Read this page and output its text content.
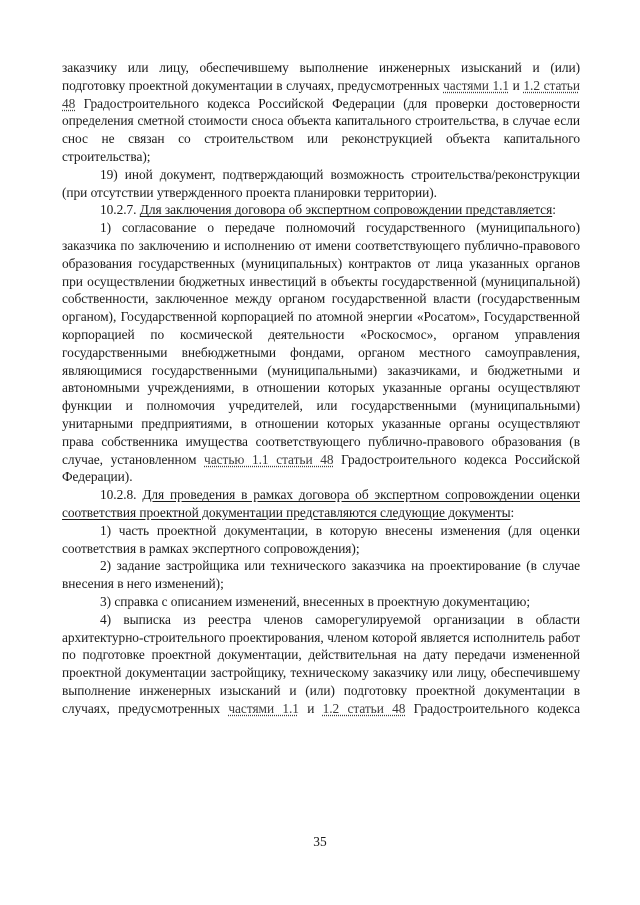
заказчику или лицу, обеспечившему выполнение инженерных изысканий и (или) подготовку проектной документации в случаях, предусмотренных частями 1.1 и 1.2 статьи 48 Градостроительного кодекса Российской Федерации (для проверки достоверности определения сметной стоимости сноса объекта капитального строительства, в случае если снос не связан со строительством или реконструкцией объекта капитального строительства);

19) иной документ, подтверждающий возможность строительства/реконструкции (при отсутствии утвержденного проекта планировки территории).

10.2.7. Для заключения договора об экспертном сопровождении представляется:

1) согласование о передаче полномочий государственного (муниципального) заказчика по заключению и исполнению от имени соответствующего публично-правового образования государственных (муниципальных) контрактов от лица указанных органов при осуществлении бюджетных инвестиций в объекты государственной (муниципальной) собственности, заключенное между органом государственной власти (государственным органом), Государственной корпорацией по атомной энергии «Росатом», Государственной корпорацией по космической деятельности «Роскосмос», органом управления государственными внебюджетными фондами, органом местного самоуправления, являющимися государственными (муниципальными) заказчиками, и бюджетными и автономными учреждениями, в отношении которых указанные органы осуществляют функции и полномочия учредителей, или государственными (муниципальными) унитарными предприятиями, в отношении которых указанные органы осуществляют права собственника имущества соответствующего публично-правового образования (в случае, установленном частью 1.1 статьи 48 Градостроительного кодекса Российской Федерации).

10.2.8. Для проведения в рамках договора об экспертном сопровождении оценки соответствия проектной документации представляются следующие документы:

1) часть проектной документации, в которую внесены изменения (для оценки соответствия в рамках экспертного сопровождения);

2) задание застройщика или технического заказчика на проектирование (в случае внесения в него изменений);

3) справка с описанием изменений, внесенных в проектную документацию;

4) выписка из реестра членов саморегулируемой организации в области архитектурно-строительного проектирования, членом которой является исполнитель работ по подготовке проектной документации, действительная на дату передачи измененной проектной документации застройщику, техническому заказчику или лицу, обеспечившему выполнение инженерных изысканий и (или) подготовку проектной документации в случаях, предусмотренных частями 1.1 и 1.2 статьи 48 Градостроительного кодекса

35
